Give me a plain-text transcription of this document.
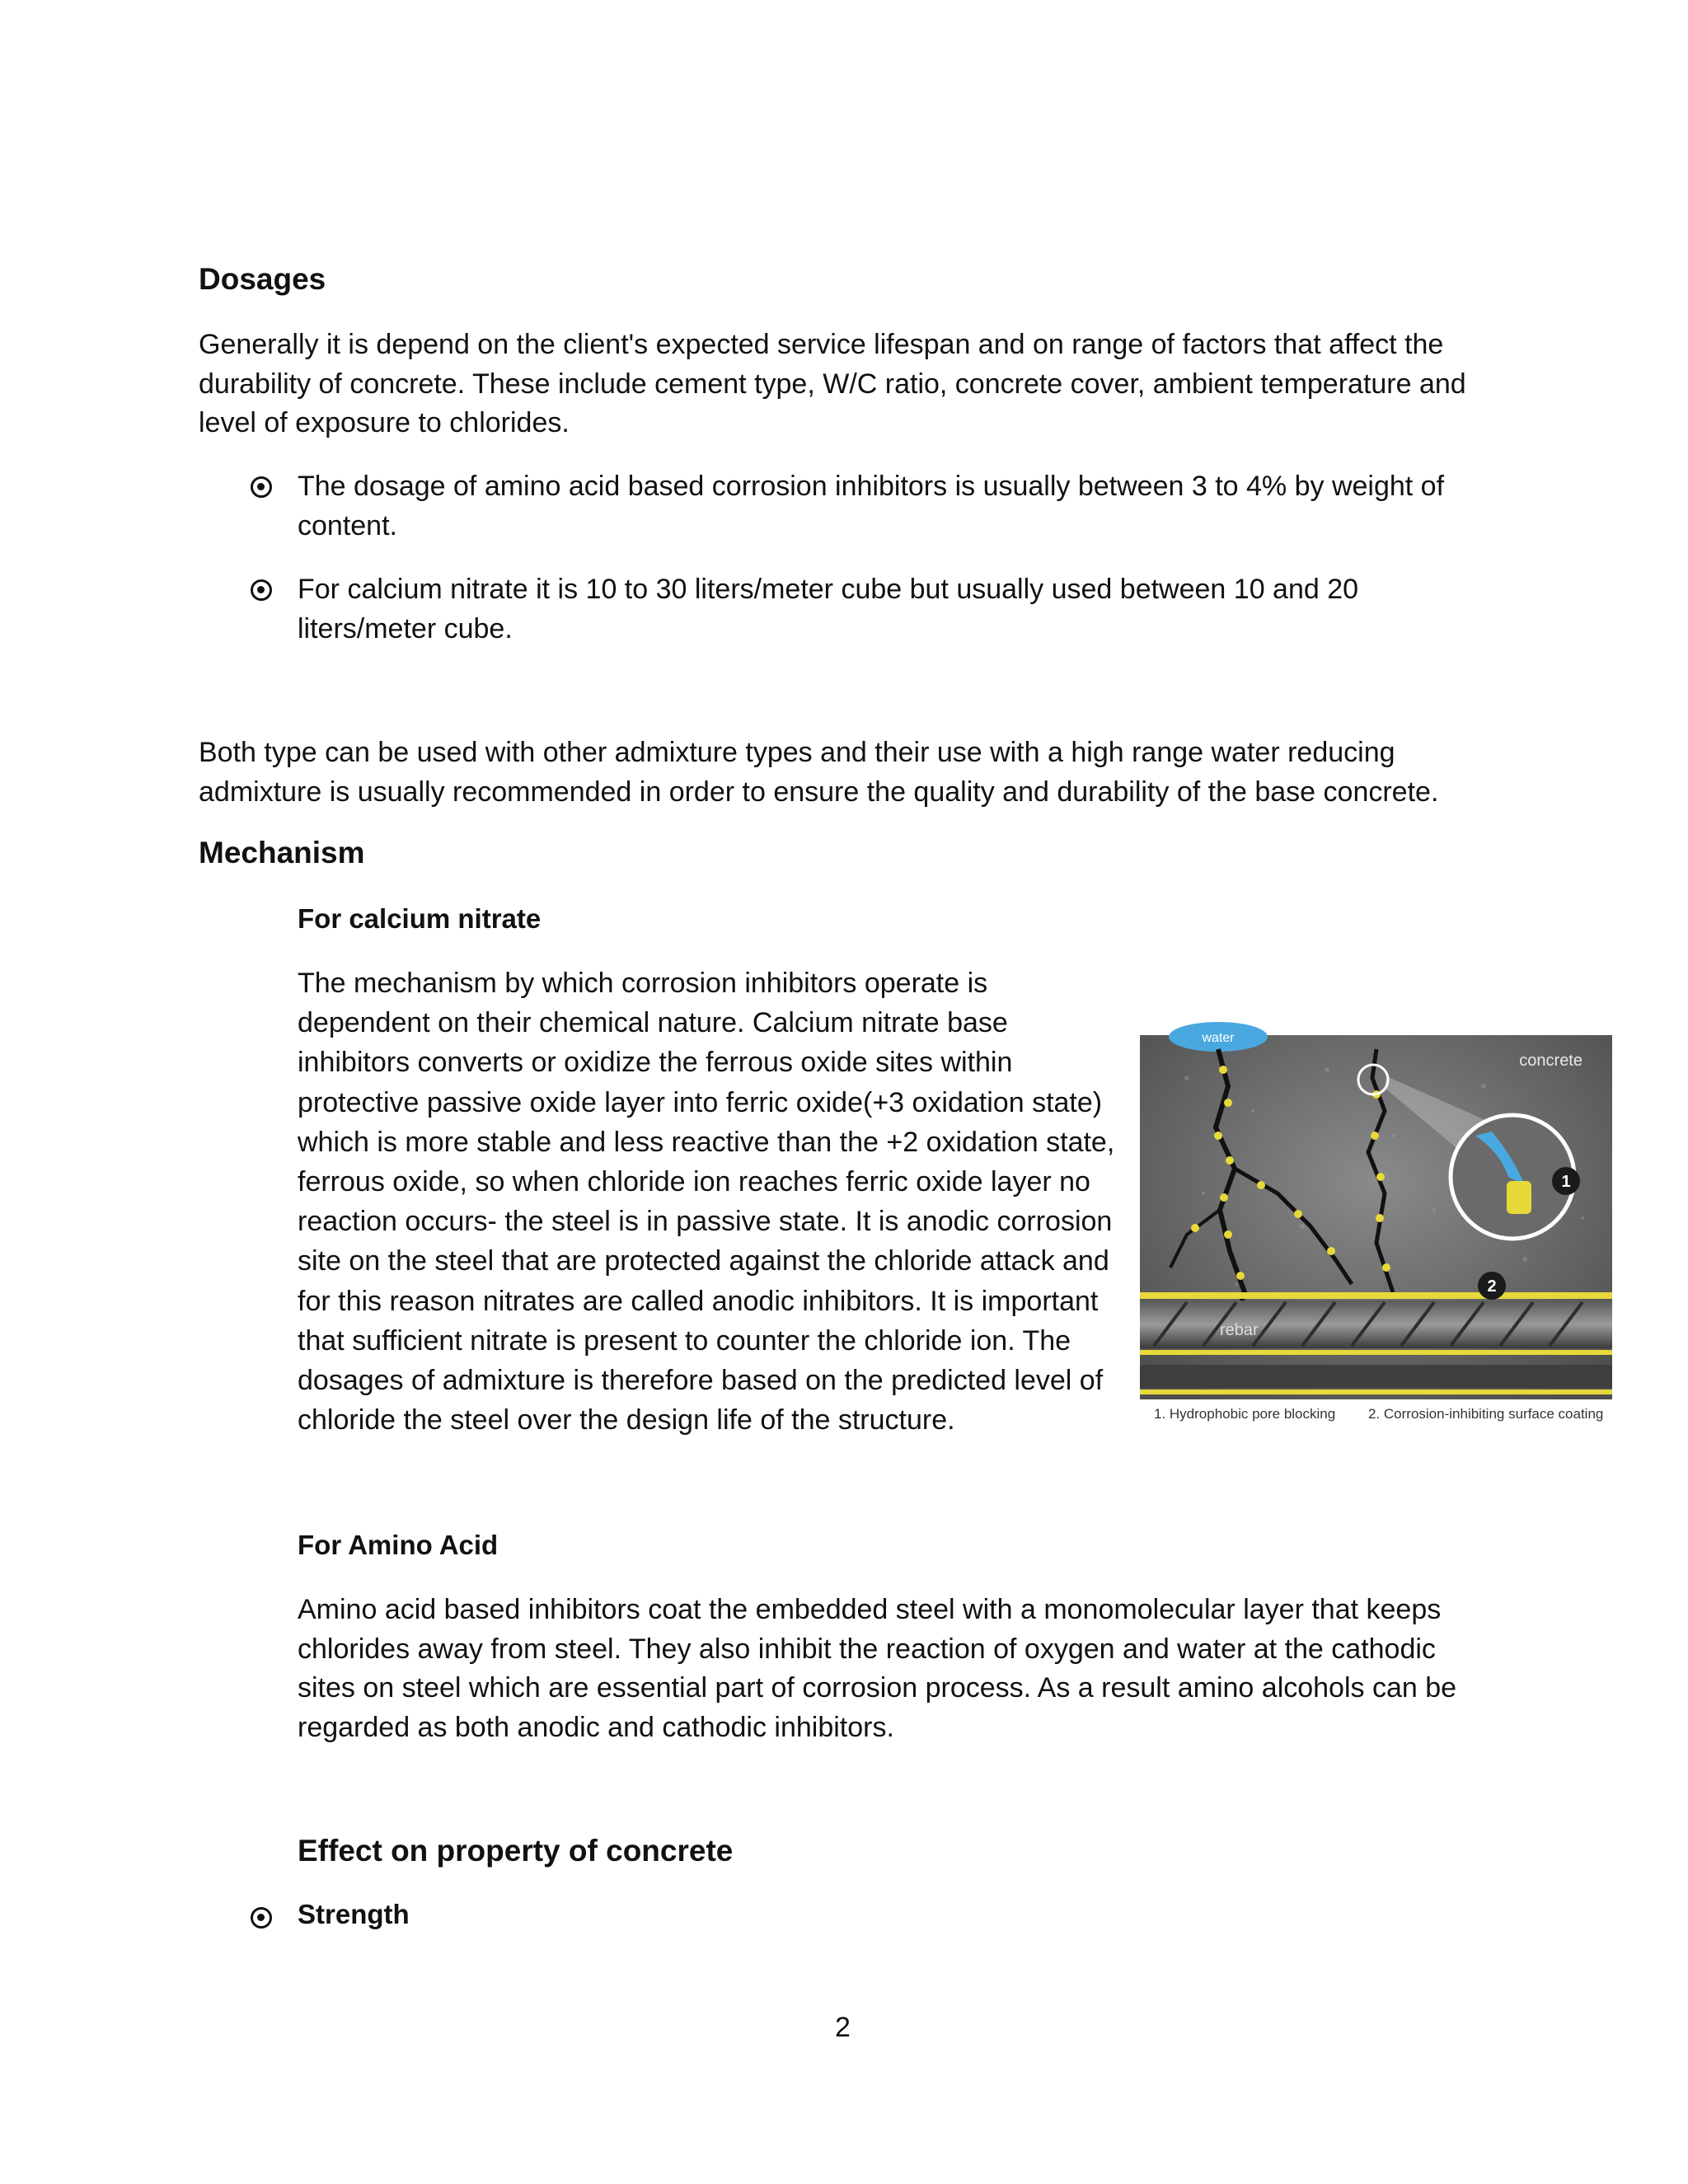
Dosages
Generally it is depend on the client's expected service lifespan and on range of factors that affect the
durability of concrete. These include cement type, W/C ratio, concrete cover, ambient temperature and
level of exposure to chlorides.
The dosage of amino acid based corrosion inhibitors is usually between 3 to 4% by weight of
content.
For calcium nitrate it is 10 to 30 liters/meter cube but usually used between 10 and 20
liters/meter cube.
Both type can be used with other admixture types and their use with a high range water reducing
admixture is usually recommended in order to ensure the quality and durability of the base concrete.
Mechanism
For calcium nitrate
The mechanism by which corrosion inhibitors operate is
dependent on their chemical nature. Calcium nitrate base
inhibitors converts or oxidize the ferrous oxide sites within
protective passive oxide layer into ferric oxide(+3 oxidation state)
which is more stable and less reactive than the +2 oxidation state,
ferrous oxide, so when chloride ion reaches ferric oxide layer no
reaction occurs- the steel is in passive state. It is anodic corrosion
site on the steel that are protected against the chloride attack and
for this reason nitrates are called anodic inhibitors. It is important
that sufficient nitrate is present to counter the chloride ion. The
dosages of admixture is therefore based on the predicted level of
chloride the steel over the design life of the structure.
water
concrete
1
2
rebar
1. Hydrophobic pore blocking 2. Corrosion-inhibiting surface coating
For Amino Acid
Amino acid based inhibitors coat the embedded steel with a monomolecular layer that keeps
chlorides away from steel. They also inhibit the reaction of oxygen and water at the cathodic
sites on steel which are essential part of corrosion process. As a result amino alcohols can be
regarded as both anodic and cathodic inhibitors.
Effect on property of concrete
Strength
2
